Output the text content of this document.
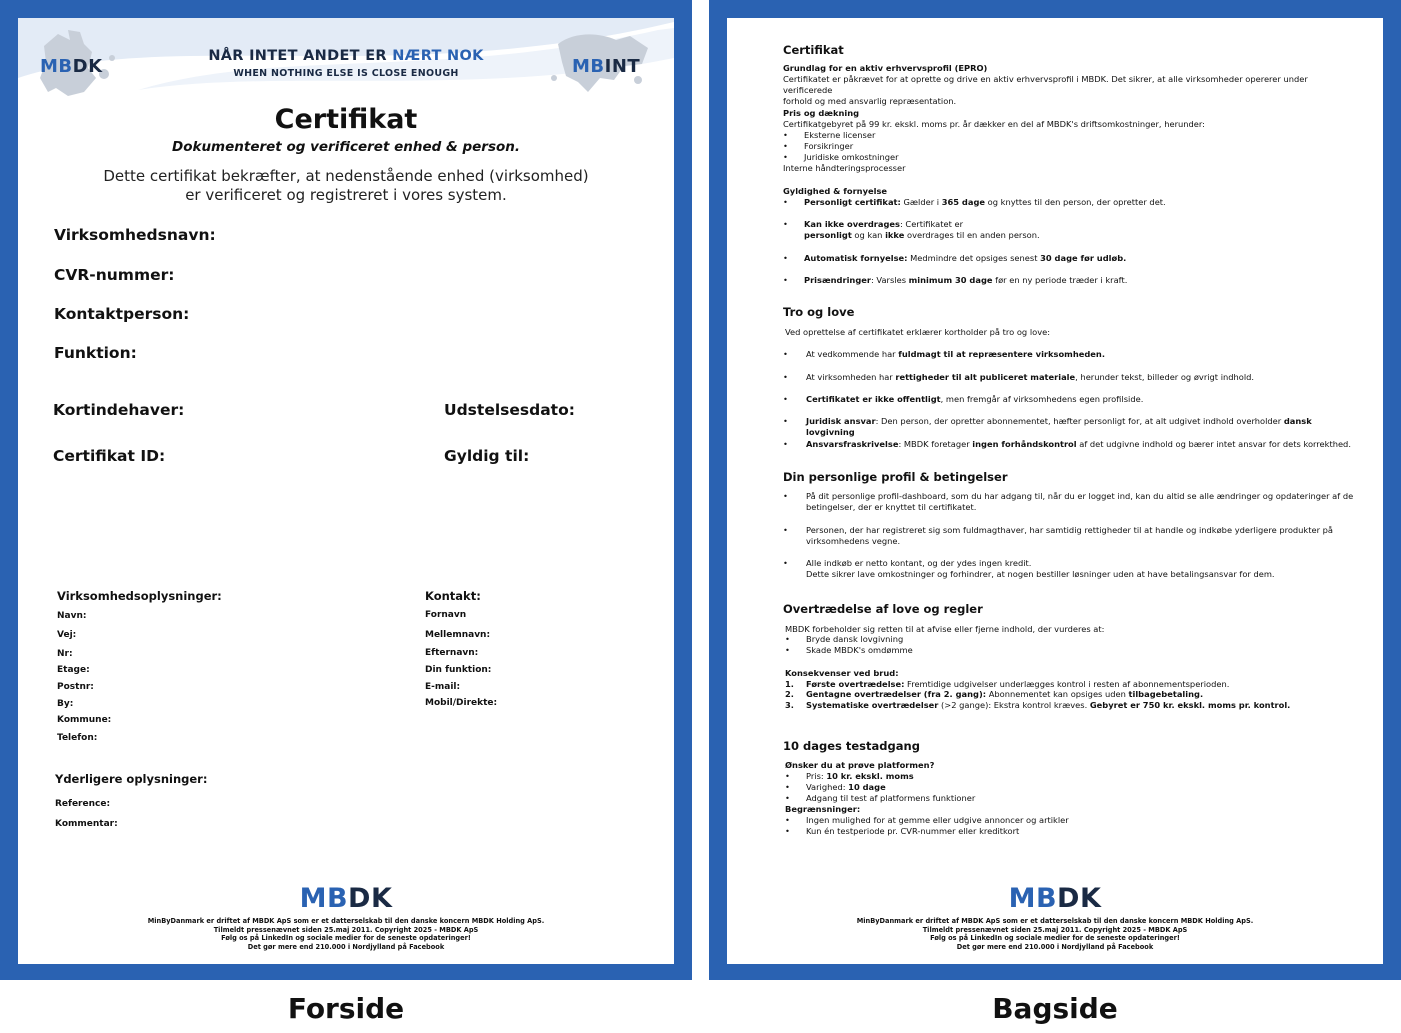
MBDK	MBINT
NÅR INTET ANDET ER NÆRT NOK
WHEN NOTHING ELSE IS CLOSE ENOUGH
Certifikat
Dokumenteret og verificeret enhed & person.
Dette certifikat bekræfter, at nedenstående enhed (virksomhed)
er verificeret og registreret i vores system.
Virksomhedsnavn:
CVR-nummer:
Kontaktperson:
Funktion:
Kortindehaver:	Udstelsesdato:
Certifikat ID:	Gyldig til:
Virksomhedsoplysninger:
Navn:
Vej:
Nr:
Etage:
Postnr:
By:
Kommune:
Telefon:
Kontakt:
Fornavn
Mellemnavn:
Efternavn:
Din funktion:
E-mail:
Mobil/Direkte:
Yderligere oplysninger:
Reference:
Kommentar:
MBDK
MinByDanmark er driftet af MBDK ApS som er et datterselskab til den danske koncern MBDK Holding ApS.
Tilmeldt pressenævnet siden 25.maj 2011. Copyright 2025 - MBDK ApS
Følg os på LinkedIn og sociale medier for de seneste opdateringer!
Det gør mere end 210.000 i Nordjylland på Facebook
Certifikat
Grundlag for en aktiv erhvervsprofil (EPRO)
Certifikatet er påkrævet for at oprette og drive en aktiv erhvervsprofil i MBDK. Det sikrer, at alle virksomheder opererer under verificerede
forhold og med ansvarlig repræsentation.
Pris og dækning
Certifikatgebyret på 99 kr. ekskl. moms pr. år dækker en del af MBDK's driftsomkostninger, herunder:
•	Eksterne licenser
•	Forsikringer
•	Juridiske omkostninger
Interne håndteringsprocesser
Gyldighed & fornyelse
•	Personligt certifikat: Gælder i 365 dage og knyttes til den person, der opretter det.
•	Kan ikke overdrages: Certifikatet er
personligt og kan ikke overdrages til en anden person.
•	Automatisk fornyelse: Medmindre det opsiges senest 30 dage før udløb.
•	Prisændringer: Varsles minimum 30 dage før en ny periode træder i kraft.
Tro og love
Ved oprettelse af certifikatet erklærer kortholder på tro og love:
•	At vedkommende har fuldmagt til at repræsentere virksomheden.
•	At virksomheden har rettigheder til alt publiceret materiale, herunder tekst, billeder og øvrigt indhold.
•	Certifikatet er ikke offentligt, men fremgår af virksomhedens egen profilside.
•	Juridisk ansvar: Den person, der opretter abonnementet, hæfter personligt for, at alt udgivet indhold overholder dansk lovgivning
•	Ansvarsfraskrivelse: MBDK foretager ingen forhåndskontrol af det udgivne indhold og bærer intet ansvar for dets korrekthed.
Din personlige profil & betingelser
•	På dit personlige profil-dashboard, som du har adgang til, når du er logget ind, kan du altid se alle ændringer og opdateringer af de
betingelser, der er knyttet til certifikatet.
•	Personen, der har registreret sig som fuldmagthaver, har samtidig rettigheder til at handle og indkøbe yderligere produkter på
virksomhedens vegne.
•	Alle indkøb er netto kontant, og der ydes ingen kredit.
Dette sikrer lave omkostninger og forhindrer, at nogen bestiller løsninger uden at have betalingsansvar for dem.
Overtrædelse af love og regler
MBDK forbeholder sig retten til at afvise eller fjerne indhold, der vurderes at:
•	Bryde dansk lovgivning
•	Skade MBDK's omdømme
Konsekvenser ved brud:
1.	Første overtrædelse: Fremtidige udgivelser underlægges kontrol i resten af abonnementsperioden.
2.	Gentagne overtrædelser (fra 2. gang): Abonnementet kan opsiges uden tilbagebetaling.
3.	Systematiske overtrædelser (>2 gange): Ekstra kontrol kræves. Gebyret er 750 kr. ekskl. moms pr. kontrol.
10 dages testadgang
Ønsker du at prøve platformen?
•	Pris: 10 kr. ekskl. moms
•	Varighed: 10 dage
•	Adgang til test af platformens funktioner
Begrænsninger:
•	Ingen mulighed for at gemme eller udgive annoncer og artikler
•	Kun én testperiode pr. CVR-nummer eller kreditkort
MBDK
MinByDanmark er driftet af MBDK ApS som er et datterselskab til den danske koncern MBDK Holding ApS.
Tilmeldt pressenævnet siden 25.maj 2011. Copyright 2025 - MBDK ApS
Følg os på LinkedIn og sociale medier for de seneste opdateringer!
Det gør mere end 210.000 i Nordjylland på Facebook
Forside	Bagside
